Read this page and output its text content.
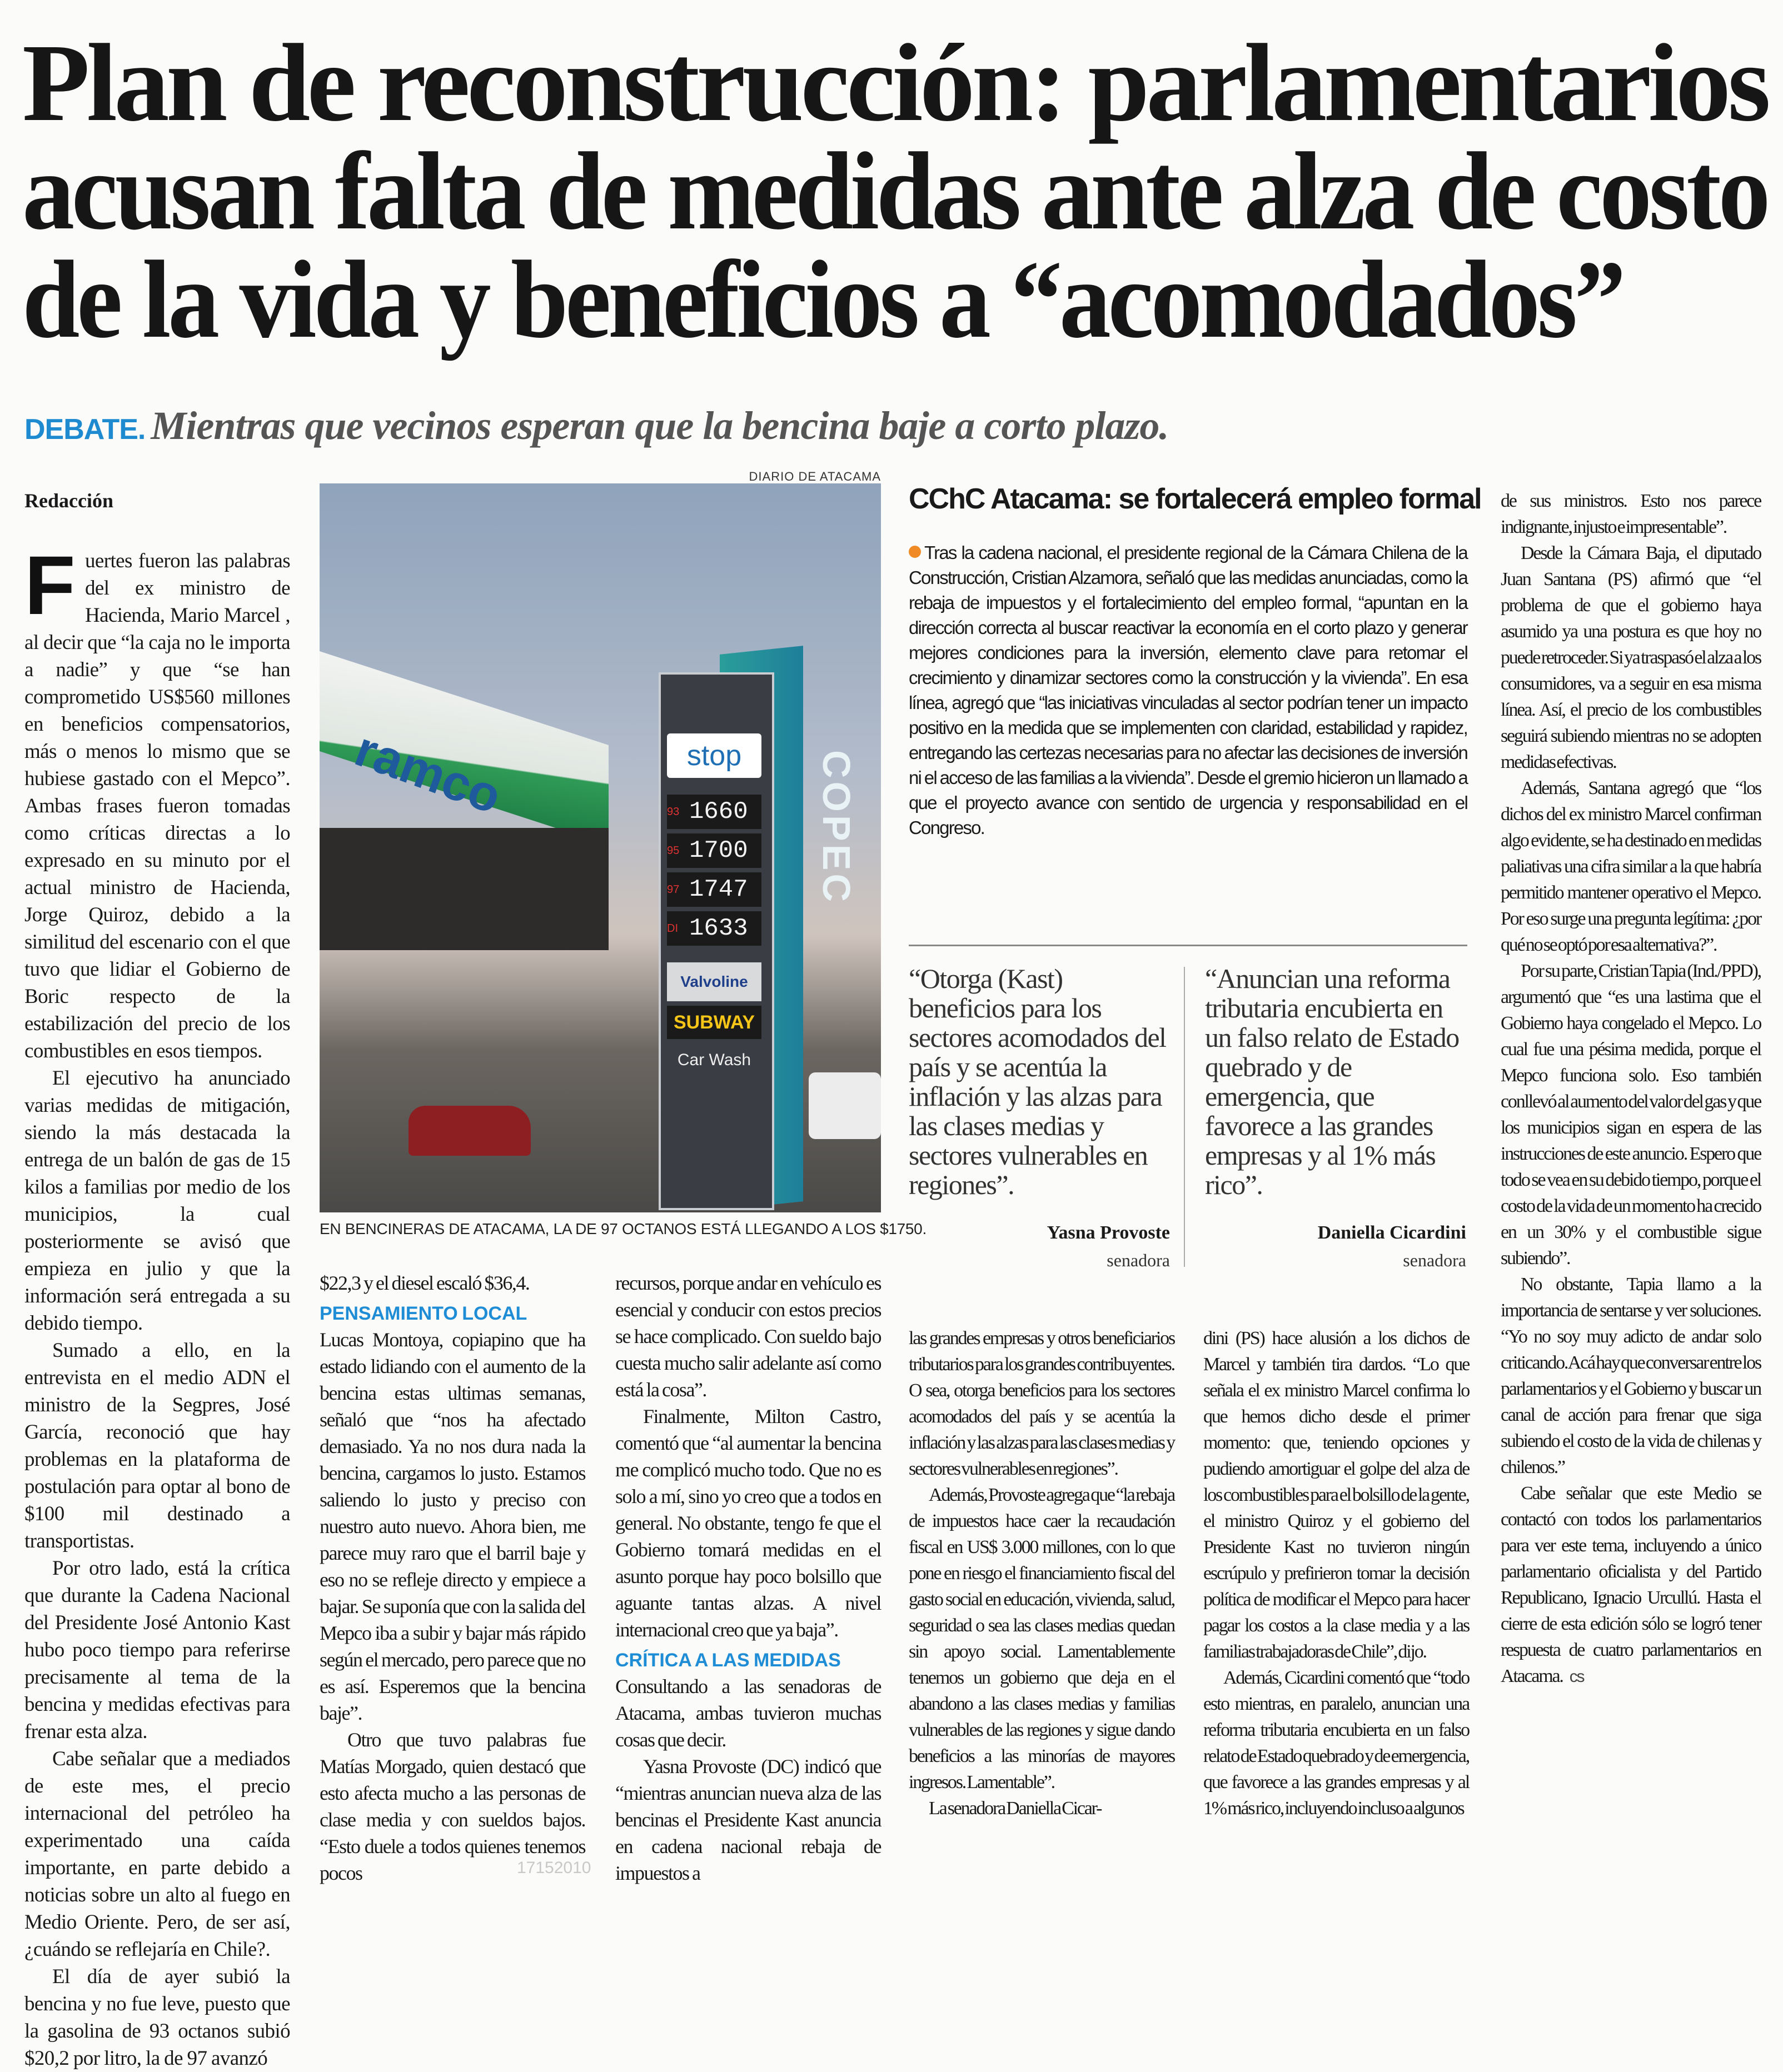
Plan de reconstrucción: parlamentarios
acusan falta de medidas ante alza de costo
de la vida y beneficios a “acomodados”
DEBATE. Mientras que vecinos esperan que la bencina baje a corto plazo.
Redacción
F uertes fueron las palabras del ex ministro de Hacienda, Mario Marcel , al decir que “la caja no le importa a nadie” y que “se han comprometido US$560 millones en beneficios compensatorios, más o menos lo mismo que se hubiese gastado con el Mepco”. Ambas frases fueron tomadas como críticas directas a lo expresado en su minuto por el actual ministro de Hacienda, Jorge Quiroz, debido a la similitud del escenario con el que tuvo que lidiar el Gobierno de Boric respecto de la estabilización del precio de los combustibles en esos tiempos.

El ejecutivo ha anunciado varias medidas de mitigación, siendo la más destacada la entrega de un balón de gas de 15 kilos a familias por medio de los municipios, la cual posteriormente se avisó que empieza en julio y que la información será entregada a su debido tiempo.

Sumado a ello, en la entrevista en el medio ADN el ministro de la Segpres, José García, reconoció que hay problemas en la plataforma de postulación para optar al bono de $100 mil destinado a transportistas.

Por otro lado, está la crítica que durante la Cadena Nacional del Presidente José Antonio Kast hubo poco tiempo para referirse precisamente al tema de la bencina y medidas efectivas para frenar esta alza.

Cabe señalar que a mediados de este mes, el precio internacional del petróleo ha experimentado una caída importante, en parte debido a noticias sobre un alto al fuego en Medio Oriente. Pero, de ser así, ¿cuándo se reflejaría en Chile?.

El día de ayer subió la bencina y no fue leve, puesto que la gasolina de 93 octanos subió $20,2 por litro, la de 97 avanzó

DIARIO DE ATACAMA
ramco	COPEC
stop
93 1660
95 1700
97 1747
DI 1633
Valvoline
SUBWAY
Car Wash
EN BENCINERAS DE ATACAMA, LA DE 97 OCTANOS ESTÁ LLEGANDO A LOS $1750.

$22,3 y el diesel escaló $36,4.

PENSAMIENTO LOCAL

Lucas Montoya, copiapino que ha estado lidiando con el aumento de la bencina estas ultimas semanas, señaló que “nos ha afectado demasiado. Ya no nos dura nada la bencina, cargamos lo justo. Estamos saliendo lo justo y preciso con nuestro auto nuevo. Ahora bien, me parece muy raro que el barril baje y eso no se refleje directo y empiece a bajar. Se suponía que con la salida del Mepco iba a subir y bajar más rápido según el mercado, pero parece que no es así. Esperemos que la bencina baje”.

Otro que tuvo palabras fue Matías Morgado, quien destacó que esto afecta mucho a las personas de clase media y con sueldos bajos. “Esto duele a todos quienes tenemos pocos

recursos, porque andar en vehículo es esencial y conducir con estos precios se hace complicado. Con sueldo bajo cuesta mucho salir adelante así como está la cosa”.

Finalmente, Milton Castro, comentó que “al aumentar la bencina me complicó mucho todo. Que no es solo a mí, sino yo creo que a todos en general. No obstante, tengo fe que el Gobierno tomará medidas en el asunto porque hay poco bolsillo que aguante tantas alzas. A nivel internacional creo que ya baja”.

CRÍTICA A LAS MEDIDAS

Consultando a las senadoras de Atacama, ambas tuvieron muchas cosas que decir.

Yasna Provoste (DC) indicó que “mientras anuncian nueva alza de las bencinas el Presidente Kast anuncia en cadena nacional rebaja de impuestos a

CChC Atacama: se fortalecerá empleo formal
Tras la cadena nacional, el presidente regional de la Cámara Chilena de la Construcción, Cristian Alzamora, señaló que las medidas anunciadas, como la rebaja de impuestos y el fortalecimiento del empleo formal, “apuntan en la dirección correcta al buscar reactivar la economía en el corto plazo y generar mejores condiciones para la inversión, elemento clave para retomar el crecimiento y dinamizar sectores como la construcción y la vivienda”. En esa línea, agregó que “las iniciativas vinculadas al sector podrían tener un impacto positivo en la medida que se implementen con claridad, estabilidad y rapidez, entregando las certezas necesarias para no afectar las decisiones de inversión ni el acceso de las familias a la vivienda”. Desde el gremio hicieron un llamado a que el proyecto avance con sentido de urgencia y responsabilidad en el Congreso.
“Otorga (Kast) beneficios para los sectores acomodados del país y se acentúa la inflación y las alzas para las clases medias y sectores vulnerables en regiones”.
Yasna Provoste
senadora
“Anuncian una reforma tributaria encubierta en un falso relato de Estado quebrado y de emergencia, que favorece a las grandes empresas y al 1% más rico”.
Daniella Cicardini
senadora

las grandes empresas y otros beneficiarios tributarios para los grandes contribuyentes. O sea, otorga beneficios para los sectores acomodados del país y se acentúa la inflación y las alzas para las clases medias y sectores vulnerables en regiones”.

Además, Provoste agrega que “la rebaja de impuestos hace caer la recaudación fiscal en US$ 3.000 millones, con lo que pone en riesgo el financiamiento fiscal del gasto social en educación, vivienda, salud, seguridad o sea las clases medias quedan sin apoyo social. Lamentablemente tenemos un gobierno que deja en el abandono a las clases medias y familias vulnerables de las regiones y sigue dando beneficios a las minorías de mayores ingresos. Lamentable”.

La senadora Daniella Cicar-

dini (PS) hace alusión a los dichos de Marcel y también tira dardos. “Lo que señala el ex ministro Marcel confirma lo que hemos dicho desde el primer momento: que, teniendo opciones y pudiendo amortiguar el golpe del alza de los combustibles para el bolsillo de la gente, el ministro Quiroz y el gobierno del Presidente Kast no tuvieron ningún escrúpulo y prefirieron tomar la decisión política de modificar el Mepco para hacer pagar los costos a la clase media y a las familias trabajadoras de Chile”, dijo.

Además, Cicardini comentó que “todo esto mientras, en paralelo, anuncian una reforma tributaria encubierta en un falso relato de Estado quebrado y de emergencia, que favorece a las grandes empresas y al 1% más rico, incluyendo incluso a algunos

de sus ministros. Esto nos parece indignante, injusto e impresentable”.

Desde la Cámara Baja, el diputado Juan Santana (PS) afirmó que “el problema de que el gobierno haya asumido ya una postura es que hoy no puede retroceder. Si ya traspasó el alza a los consumidores, va a seguir en esa misma línea. Así, el precio de los combustibles seguirá subiendo mientras no se adopten medidas efectivas.

Además, Santana agregó que “los dichos del ex ministro Marcel confirman algo evidente, se ha destinado en medidas paliativas una cifra similar a la que habría permitido mantener operativo el Mepco. Por eso surge una pregunta legítima: ¿por qué no se optó por esa alternativa?”.

Por su parte, Cristian Tapia (Ind./PPD), argumentó que “es una lastima que el Gobierno haya congelado el Mepco. Lo cual fue una pésima medida, porque el Mepco funciona solo. Eso también conllevó al aumento del valor del gas y que los municipios sigan en espera de las instrucciones de este anuncio. Espero que todo se vea en su debido tiempo, porque el costo de la vida de un momento ha crecido en un 30% y el combustible sigue subiendo”.

No obstante, Tapia llamo a la importancia de sentarse y ver soluciones. “Yo no soy muy adicto de andar solo criticando. Acá hay que conversar entre los parlamentarios y el Gobierno y buscar un canal de acción para frenar que siga subiendo el costo de la vida de chilenas y chilenos.”

Cabe señalar que este Medio se contactó con todos los parlamentarios para ver este tema, incluyendo a único parlamentario oficialista y del Partido Republicano, Ignacio Urcullú. Hasta el cierre de esta edición sólo se logró tener respuesta de cuatro parlamentarios en Atacama. cs

17152010
